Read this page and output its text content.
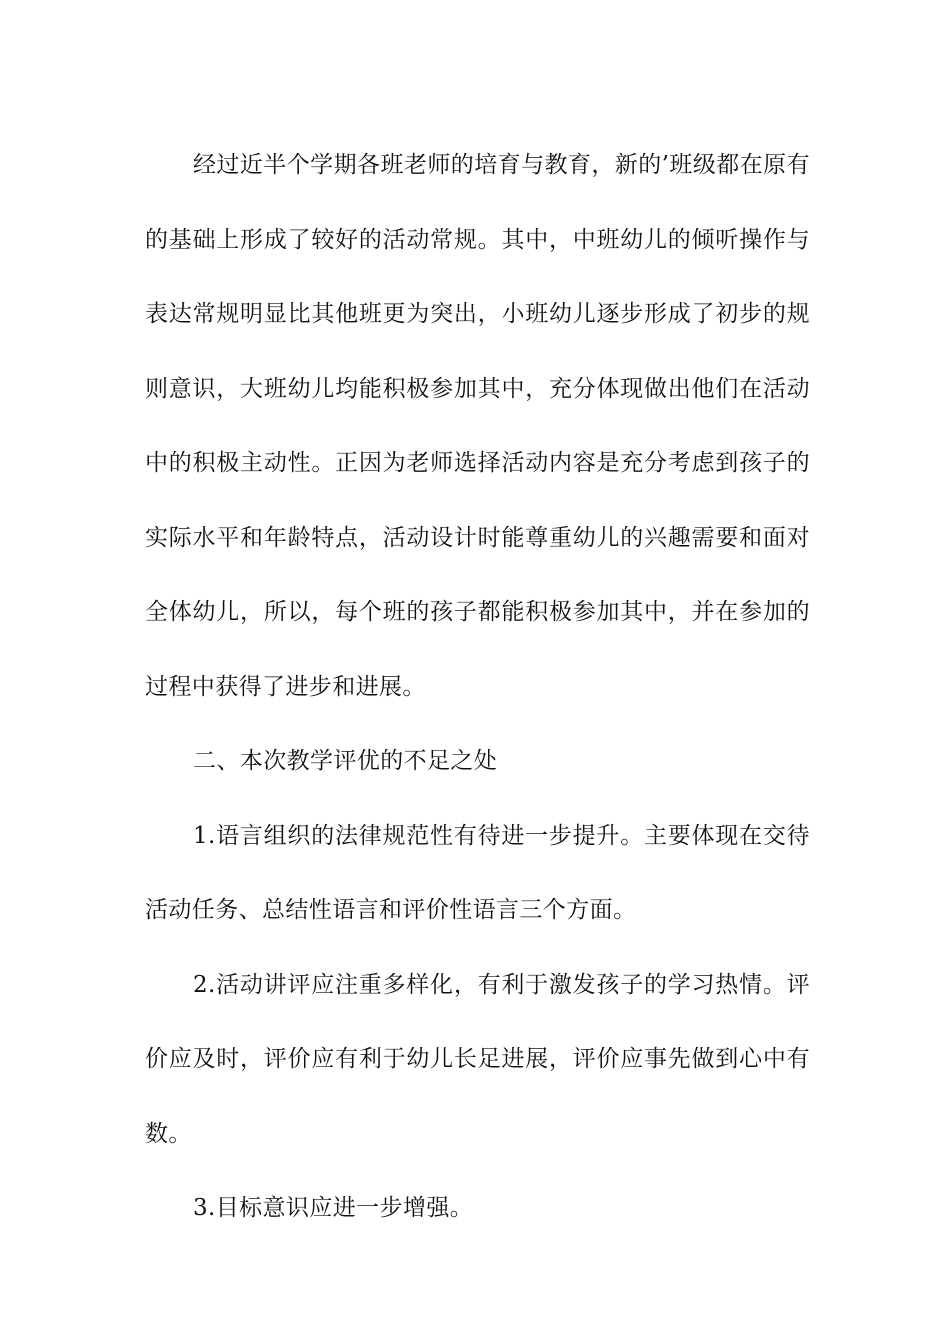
经过近半个学期各班老师的培育与教育，新的’班级都在原有的基础上形成了较好的活动常规。其中，中班幼儿的倾听操作与表达常规明显比其他班更为突出，小班幼儿逐步形成了初步的规则意识，大班幼儿均能积极参加其中，充分体现做出他们在活动中的积极主动性。正因为老师选择活动内容是充分考虑到孩子的实际水平和年龄特点，活动设计时能尊重幼儿的兴趣需要和面对全体幼儿，所以，每个班的孩子都能积极参加其中，并在参加的过程中获得了进步和进展。

二、本次教学评优的不足之处

1.语言组织的法律规范性有待进一步提升。主要体现在交待活动任务、总结性语言和评价性语言三个方面。

2.活动讲评应注重多样化，有利于激发孩子的学习热情。评价应及时，评价应有利于幼儿长足进展，评价应事先做到心中有数。

3.目标意识应进一步增强。
